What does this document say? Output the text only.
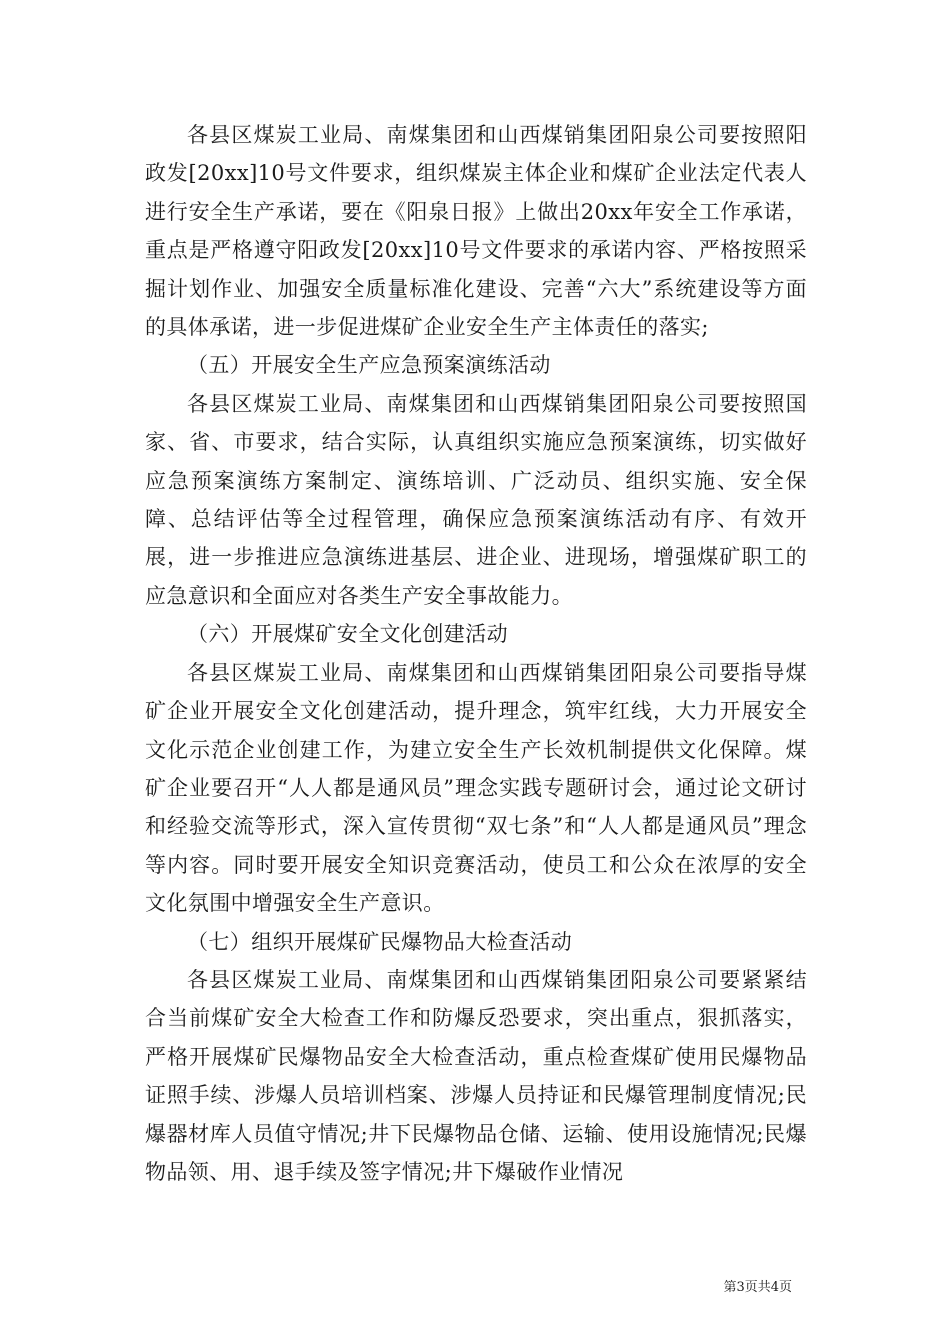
各县区煤炭工业局、南煤集团和山西煤销集团阳泉公司要按照阳政发[20xx]10号文件要求，组织煤炭主体企业和煤矿企业法定代表人进行安全生产承诺，要在《阳泉日报》上做出20xx年安全工作承诺，重点是严格遵守阳政发[20xx]10号文件要求的承诺内容、严格按照采掘计划作业、加强安全质量标准化建设、完善“六大”系统建设等方面的具体承诺，进一步促进煤矿企业安全生产主体责任的落实;

（五）开展安全生产应急预案演练活动

各县区煤炭工业局、南煤集团和山西煤销集团阳泉公司要按照国家、省、市要求，结合实际，认真组织实施应急预案演练，切实做好应急预案演练方案制定、演练培训、广泛动员、组织实施、安全保障、总结评估等全过程管理，确保应急预案演练活动有序、有效开展，进一步推进应急演练进基层、进企业、进现场，增强煤矿职工的应急意识和全面应对各类生产安全事故能力。

（六）开展煤矿安全文化创建活动

各县区煤炭工业局、南煤集团和山西煤销集团阳泉公司要指导煤矿企业开展安全文化创建活动，提升理念，筑牢红线，大力开展安全文化示范企业创建工作，为建立安全生产长效机制提供文化保障。煤矿企业要召开“人人都是通风员”理念实践专题研讨会，通过论文研讨和经验交流等形式，深入宣传贯彻“双七条”和“人人都是通风员”理念等内容。同时要开展安全知识竞赛活动，使员工和公众在浓厚的安全文化氛围中增强安全生产意识。

（七）组织开展煤矿民爆物品大检查活动

各县区煤炭工业局、南煤集团和山西煤销集团阳泉公司要紧紧结合当前煤矿安全大检查工作和防爆反恐要求，突出重点，狠抓落实，严格开展煤矿民爆物品安全大检查活动，重点检查煤矿使用民爆物品证照手续、涉爆人员培训档案、涉爆人员持证和民爆管理制度情况;民爆器材库人员值守情况;井下民爆物品仓储、运输、使用设施情况;民爆物品领、用、退手续及签字情况;井下爆破作业情况

第3页共4页
